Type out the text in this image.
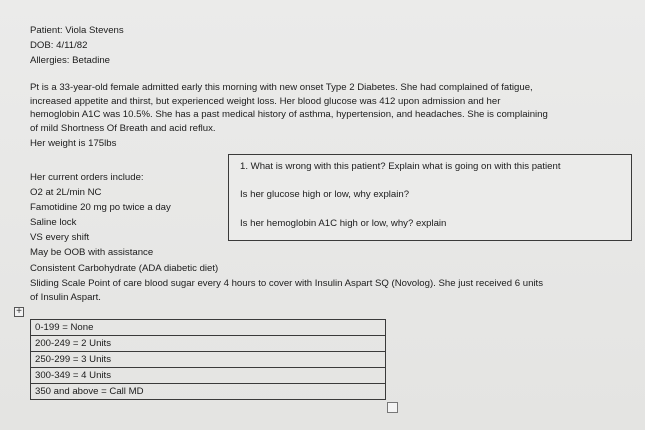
Patient: Viola Stevens
DOB: 4/11/82
Allergies: Betadine
Pt is a 33-year-old female admitted early this morning with new onset Type 2 Diabetes. She had complained of fatigue,
increased appetite and thirst, but experienced weight loss. Her blood glucose was 412 upon admission and her
hemoglobin A1C was 10.5%. She has a past medical history of asthma, hypertension, and headaches. She is complaining
of mild Shortness Of Breath and acid reflux.
Her weight is 175lbs
1. What is wrong with this patient? Explain what is going on with this patient
Is her glucose high or low, why explain?
Is her hemoglobin A1C high or low, why? explain
Her current orders include:
O2 at 2L/min NC
Famotidine 20 mg po twice a day
Saline lock
VS every shift
May be OOB with assistance
Consistent Carbohydrate (ADA diabetic diet)
Sliding Scale Point of care blood sugar every 4 hours to cover with Insulin Aspart SQ (Novolog). She just received 6 units
of Insulin Aspart.
+
0-199 = None
200-249 = 2 Units
250-299 = 3 Units
300-349 = 4 Units
350 and above = Call MD
